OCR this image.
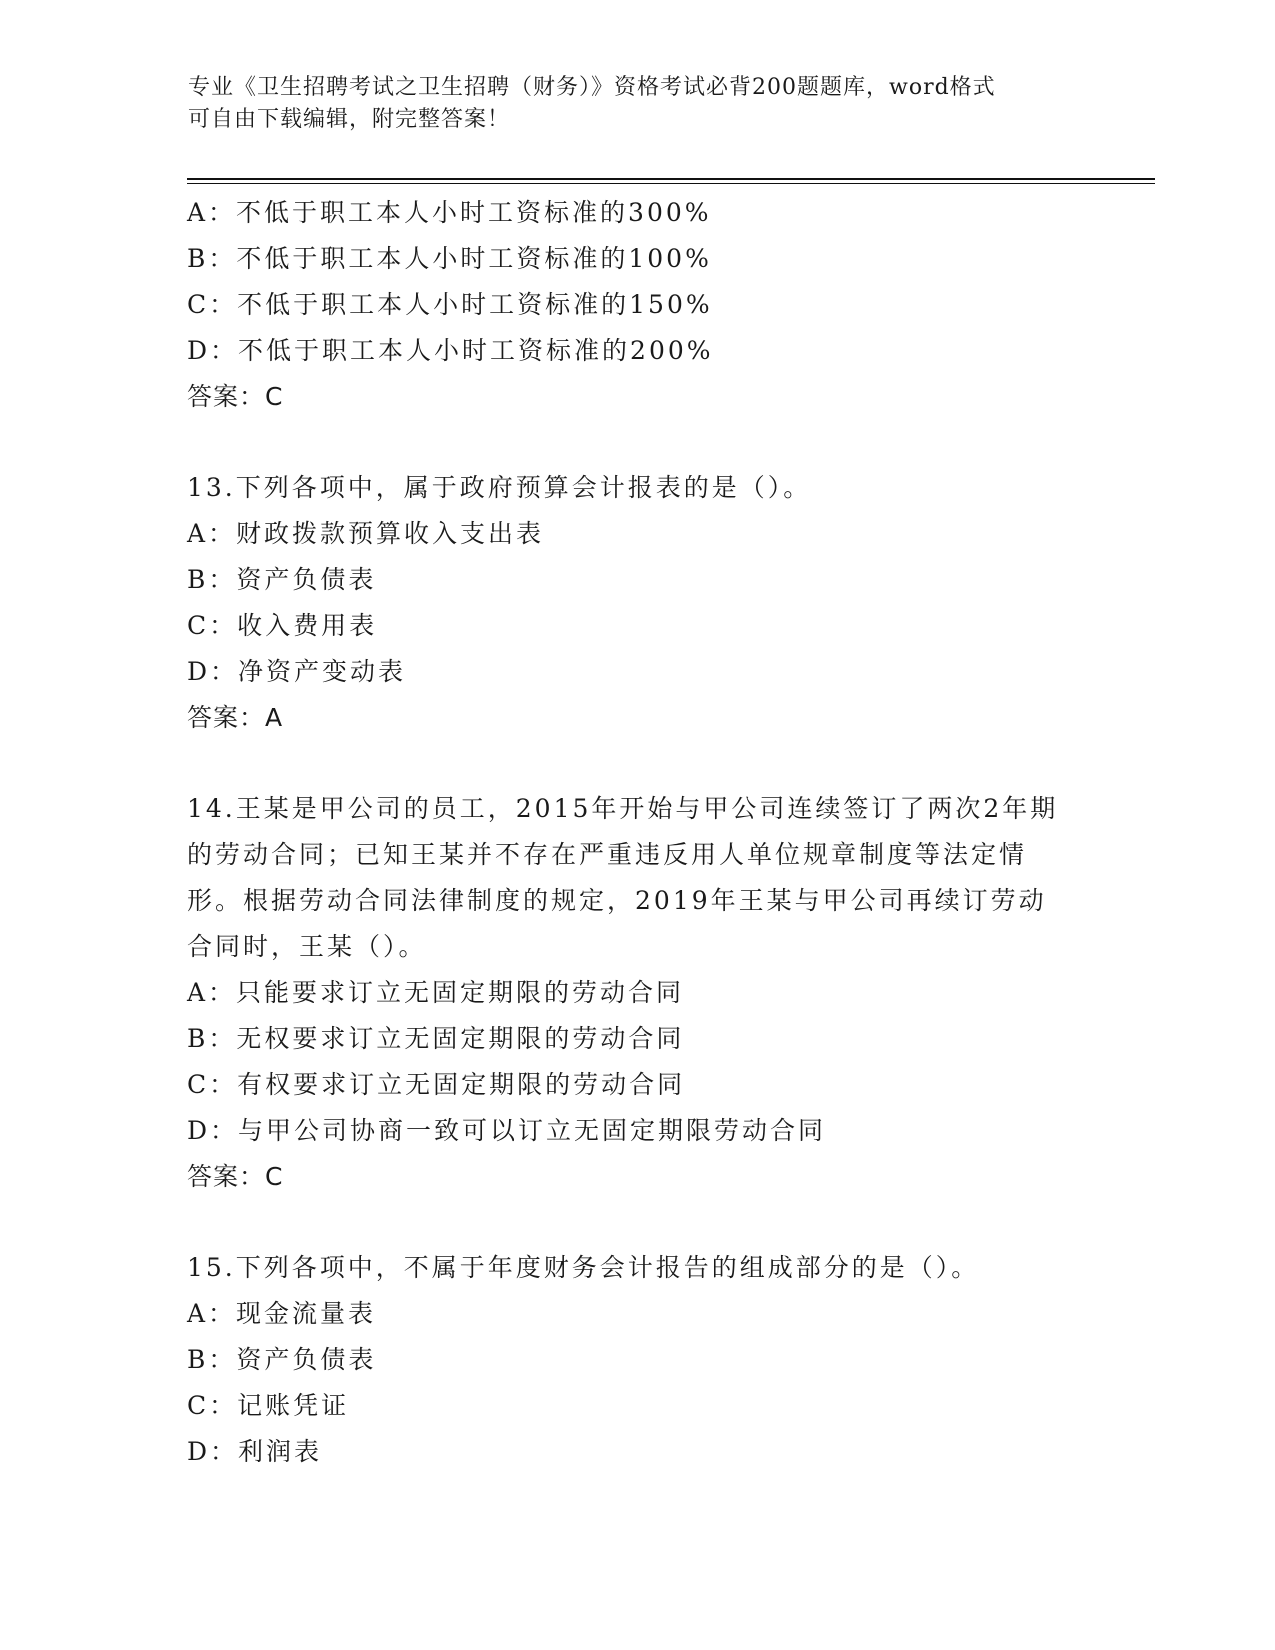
专业《卫生招聘考试之卫生招聘（财务）》资格考试必背200题题库，word格式
可自由下载编辑，附完整答案！
A：不低于职工本人小时工资标准的300%
B：不低于职工本人小时工资标准的100%
C：不低于职工本人小时工资标准的150%
D：不低于职工本人小时工资标准的200%
答案：C
13.下列各项中，属于政府预算会计报表的是（）。
A：财政拨款预算收入支出表
B：资产负债表
C：收入费用表
D：净资产变动表
答案：A
14.王某是甲公司的员工，2015年开始与甲公司连续签订了两次2年期
的劳动合同；已知王某并不存在严重违反用人单位规章制度等法定情
形。根据劳动合同法律制度的规定，2019年王某与甲公司再续订劳动
合同时，王某（）。
A：只能要求订立无固定期限的劳动合同
B：无权要求订立无固定期限的劳动合同
C：有权要求订立无固定期限的劳动合同
D：与甲公司协商一致可以订立无固定期限劳动合同
答案：C
15.下列各项中，不属于年度财务会计报告的组成部分的是（）。
A：现金流量表
B：资产负债表
C：记账凭证
D：利润表
